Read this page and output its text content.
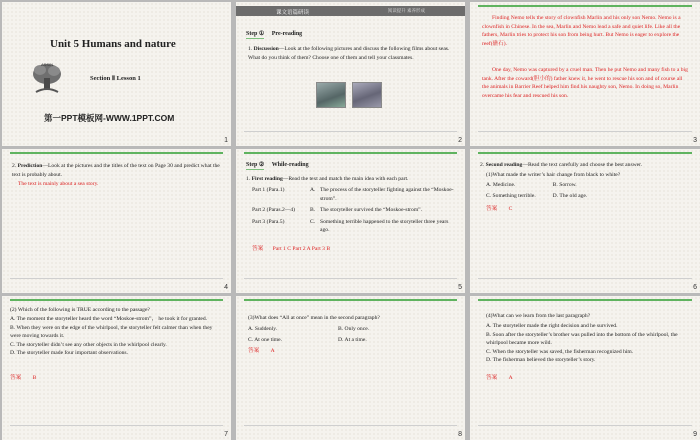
Unit 5 Humans and nature
ASSIN
Section Ⅱ Lesson 1
第一PPT模板网-WWW.1PPT.COM
1
课文语篇研读	阅读提升 素养形成
Step ① Pre-reading
1. Discussion—Look at the following pictures and discuss the following films about seas. What do you think of them? Choose one of them and tell your classmates.
2
Finding Nemo tells the story of clownfish Marlin and his only son Nemo. Nemo is a clownfish in Chinese. In the sea, Marlin and Nemo lead a safe and quiet life. Like all the fathers, Marlin tries to protect his son from being hurt. But Nemo is eager to explore the reef(礁石).
One day, Nemo was captured by a cruel man. Then he put Nemo and many fish to a big tank. After the coward(胆小的) father knew it, he went to rescue his son and of course all the animals in Barrier Reef helped him find his naughty son, Nemo. In doing so, Marlin overcame his fear and rescued his son.
3
2. Prediction—Look at the pictures and the titles of the text on Page 30 and predict what the text is probably about.
The text is mainly about a sea story.
4
Step ② While-reading
1. First reading—Read the text and match the main idea with each part.
Part 1 (Para.1)	A. The process of the storyteller fighting against the “Moskoe-strom”.
Part 2 (Paras.2—4)	B. The storyteller survived the “Moskoe-strom”.
Part 3 (Para.5)	C. Something terrible happened to the storyteller three years ago.
答案 Part 1 C Part 2 A Part 3 B
5
2. Second reading—Read the text carefully and choose the best answer.
(1)What made the writer’s hair change from black to white?
A. Medicine.	B. Sorrow.
C. Something terrible.	D. The old age.
答案 C
6
(2) Which of the following is TRUE according to the passage?
A. The moment the storyteller heard the word “Moskoe-strom”， he took it for granted.
B. When they were on the edge of the whirlpool, the storyteller felt calmer than when they were moving towards it.
C. The storyteller didn’t see any other objects in the whirlpool clearly.
D. The storyteller made four important observations.
答案 B
7
(3)What does “All at once” mean in the second paragraph?
A. Suddenly.	B. Only once.
C. At one time.	D. At a time.
答案 A
8
(4)What can we learn from the last paragraph?
A. The storyteller made the right decision and he survived.
B. Soon after the storyteller’s brother was pulled into the bottom of the whirlpool, the whirlpool became more wild.
C. When the storyteller was saved, the fisherman recognized him.
D. The fisherman believed the storyteller’s story.
答案 A
9
